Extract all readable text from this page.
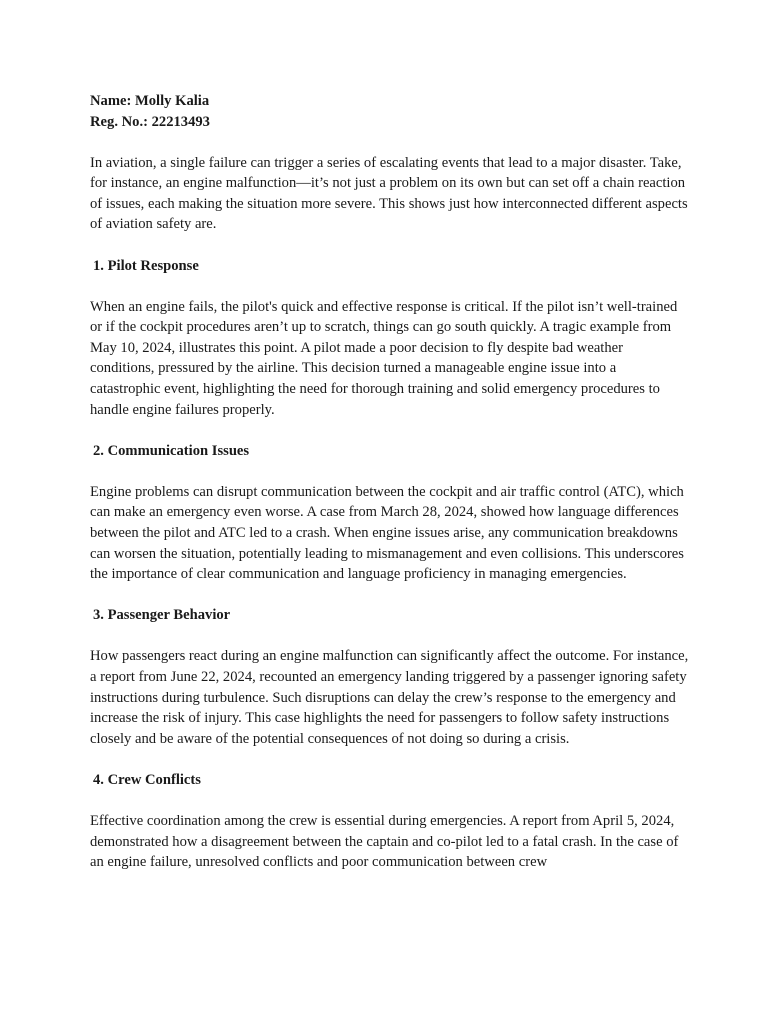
Name: Molly Kalia

Reg. No.: 22213493

In aviation, a single failure can trigger a series of escalating events that lead to a major disaster. Take, for instance, an engine malfunction—it’s not just a problem on its own but can set off a chain reaction of issues, each making the situation more severe. This shows just how interconnected different aspects of aviation safety are.

1. Pilot Response

When an engine fails, the pilot's quick and effective response is critical. If the pilot isn’t well-trained or if the cockpit procedures aren’t up to scratch, things can go south quickly. A tragic example from May 10, 2024, illustrates this point. A pilot made a poor decision to fly despite bad weather conditions, pressured by the airline. This decision turned a manageable engine issue into a catastrophic event, highlighting the need for thorough training and solid emergency procedures to handle engine failures properly.

2. Communication Issues

Engine problems can disrupt communication between the cockpit and air traffic control (ATC), which can make an emergency even worse. A case from March 28, 2024, showed how language differences between the pilot and ATC led to a crash. When engine issues arise, any communication breakdowns can worsen the situation, potentially leading to mismanagement and even collisions. This underscores the importance of clear communication and language proficiency in managing emergencies.

3. Passenger Behavior

How passengers react during an engine malfunction can significantly affect the outcome. For instance, a report from June 22, 2024, recounted an emergency landing triggered by a passenger ignoring safety instructions during turbulence. Such disruptions can delay the crew’s response to the emergency and increase the risk of injury. This case highlights the need for passengers to follow safety instructions closely and be aware of the potential consequences of not doing so during a crisis.

4. Crew Conflicts

Effective coordination among the crew is essential during emergencies. A report from April 5, 2024, demonstrated how a disagreement between the captain and co-pilot led to a fatal crash. In the case of an engine failure, unresolved conflicts and poor communication between crew
